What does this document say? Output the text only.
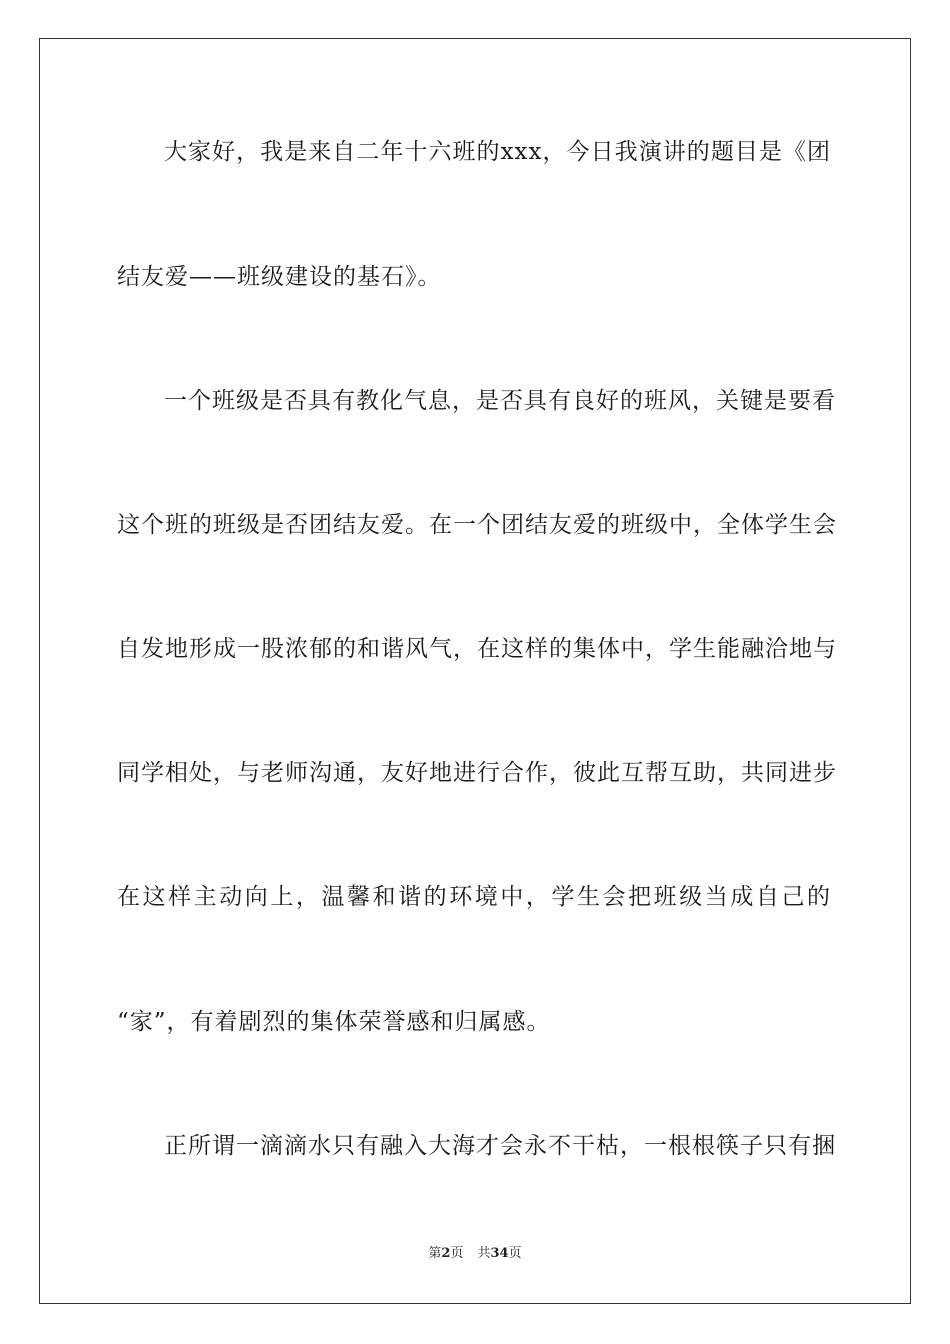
大家好，我是来自二年十六班的xxx，今日我演讲的题目是《团
结友爱——班级建设的基石》。
一个班级是否具有教化气息，是否具有良好的班风，关键是要看
这个班的班级是否团结友爱。在一个团结友爱的班级中，全体学生会
自发地形成一股浓郁的和谐风气，在这样的集体中，学生能融洽地与
同学相处，与老师沟通，友好地进行合作，彼此互帮互助，共同进步
在这样主动向上，温馨和谐的环境中，学生会把班级当成自己的
“家”，有着剧烈的集体荣誉感和归属感。
正所谓一滴滴水只有融入大海才会永不干枯，一根根筷子只有捆
第2页 共34页
